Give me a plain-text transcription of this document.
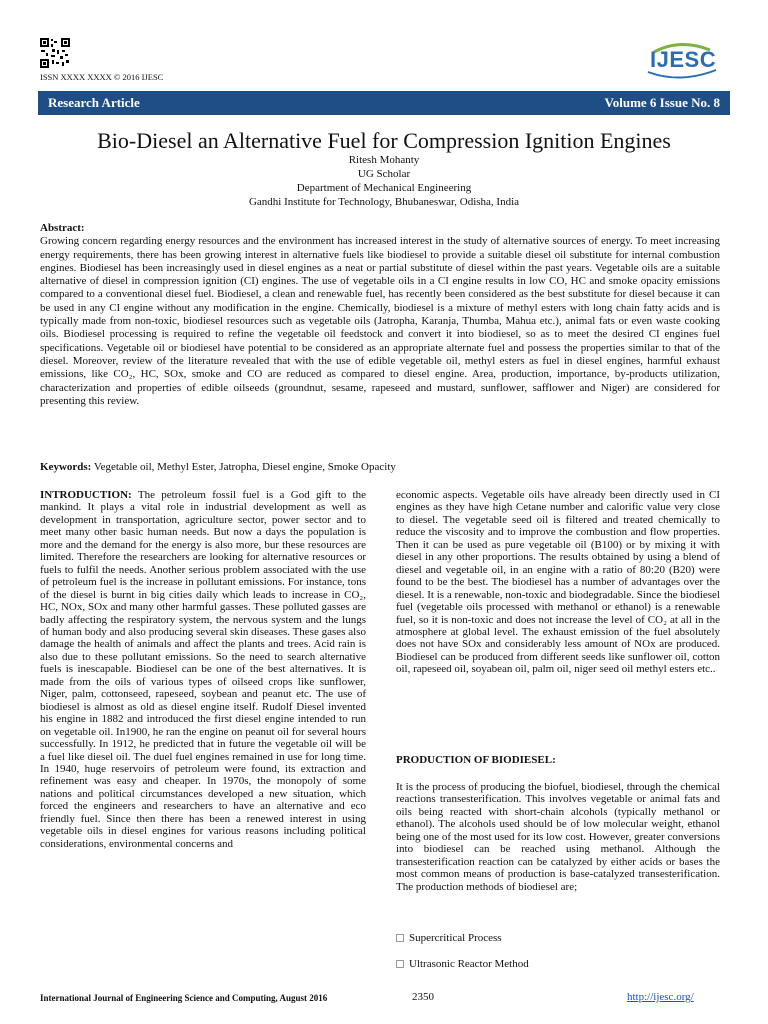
ISSN XXXX XXXX © 2016 IJESC
IJESC
Research Article	Volume 6 Issue No. 8
Bio-Diesel an Alternative Fuel for Compression Ignition Engines
Ritesh Mohanty
UG Scholar
Department of Mechanical Engineering
Gandhi Institute for Technology, Bhubaneswar, Odisha, India
Abstract:
Growing concern regarding energy resources and the environment has increased interest in the study of alternative sources of energy. To meet increasing energy requirements, there has been growing interest in alternative fuels like biodiesel to provide a suitable diesel oil substitute for internal combustion engines. Biodiesel has been increasingly used in diesel engines as a neat or partial substitute of diesel within the past years. Vegetable oils are a suitable alternative of diesel in compression ignition (CI) engines. The use of vegetable oils in a CI engine results in low CO, HC and smoke opacity emissions compared to a conventional diesel fuel. Biodiesel, a clean and renewable fuel, has recently been considered as the best substitute for diesel because it can be used in any CI engine without any modification in the engine. Chemically, biodiesel is a mixture of methyl esters with long chain fatty acids and is typically made from non-toxic, biodiesel resources such as vegetable oils (Jatropha, Karanja, Thumba, Mahua etc.), animal fats or even waste cooking oils. Biodiesel processing is required to refine the vegetable oil feedstock and convert it into biodiesel, so as to meet the desired CI engines fuel specifications. Vegetable oil or biodiesel have potential to be considered as an appropriate alternate fuel and possess the properties similar to that of the diesel. Moreover, review of the literature revealed that with the use of edible vegetable oil, methyl esters as fuel in diesel engines, harmful exhaust emissions, like CO₂, HC, SOx, smoke and CO are reduced as compared to diesel engine. Area, production, importance, by-products utilization, characterization and properties of edible oilseeds (groundnut, sesame, rapeseed and mustard, sunflower, safflower and Niger) are considered for presenting this review.
Keywords: Vegetable oil, Methyl Ester, Jatropha, Diesel engine, Smoke Opacity
INTRODUCTION: The petroleum fossil fuel is a God gift to the mankind. It plays a vital role in industrial development as well as development in transportation, agriculture sector, power sector and to meet many other basic human needs. But now a days the population is more and the demand for the energy is also more, bur these resources are limited. Therefore the researchers are looking for alternative resources or fuels to fulfil the needs. Another serious problem associated with the use of petroleum fuel is the increase in pollutant emissions. For instance, tons of the diesel is burnt in big cities daily which leads to increase in CO₂, HC, NOx, SOx and many other harmful gasses. These polluted gasses are badly affecting the respiratory system, the nervous system and the lungs of human body and also producing several skin diseases. These gases also damage the health of animals and affect the plants and trees. Acid rain is also due to these pollutant emissions. So the need to search alternative fuels is inescapable. Biodiesel can be one of the best alternatives. It is made from the oils of various types of oilseed crops like sunflower, Niger, palm, cottonseed, rapeseed, soybean and peanut etc. The use of biodiesel is almost as old as diesel engine itself. Rudolf Diesel invented his engine in 1882 and introduced the first diesel engine intended to run on vegetable oil. In1900, he ran the engine on peanut oil for several hours successfully. In 1912, he predicted that in future the vegetable oil will be a fuel like diesel oil. The duel fuel engines remained in use for long time. In 1940, huge reservoirs of petroleum were found, its extraction and refinement was easy and cheaper. In 1970s, the monopoly of some nations and political circumstances developed a new situation, which forced the engineers and researchers to have an alternative and eco friendly fuel. Since then there has been a renewed interest in using vegetable oils in diesel engines for various reasons including political considerations, environmental concerns and
economic aspects. Vegetable oils have already been directly used in CI engines as they have high Cetane number and calorific value very close to diesel. The vegetable seed oil is filtered and treated chemically to reduce the viscosity and to improve the combustion and flow properties. Then it can be used as pure vegetable oil (B100) or by mixing it with diesel in any other proportions. The results obtained by using a blend of diesel and vegetable oil, in an engine with a ratio of 80:20 (B20) were found to be the best. The biodiesel has a number of advantages over the diesel. It is a renewable, non-toxic and biodegradable. Since the biodiesel fuel (vegetable oils processed with methanol or ethanol) is a renewable fuel, so it is non-toxic and does not increase the level of CO₂ at all in the atmosphere at global level. The exhaust emission of the fuel absolutely does not have SOx and considerably less amount of NOx are produced. Biodiesel can be produced from different seeds like sunflower oil, cotton oil, rapeseed oil, soyabean oil, palm oil, niger seed oil methyl esters etc..
PRODUCTION OF BIODIESEL:
It is the process of producing the biofuel, biodiesel, through the chemical reactions transesterification. This involves vegetable or animal fats and oils being reacted with short-chain alcohols (typically methanol or ethanol). The alcohols used should be of low molecular weight, ethanol being one of the most used for its low cost. However, greater conversions into biodiesel can be reached using methanol. Although the transesterification reaction can be catalyzed by either acids or bases the most common means of production is base-catalyzed transesterification. The production methods of biodiesel are;
Supercritical Process
Ultrasonic Reactor Method
International Journal of Engineering Science and Computing, August 2016	2350	http://ijesc.org/
